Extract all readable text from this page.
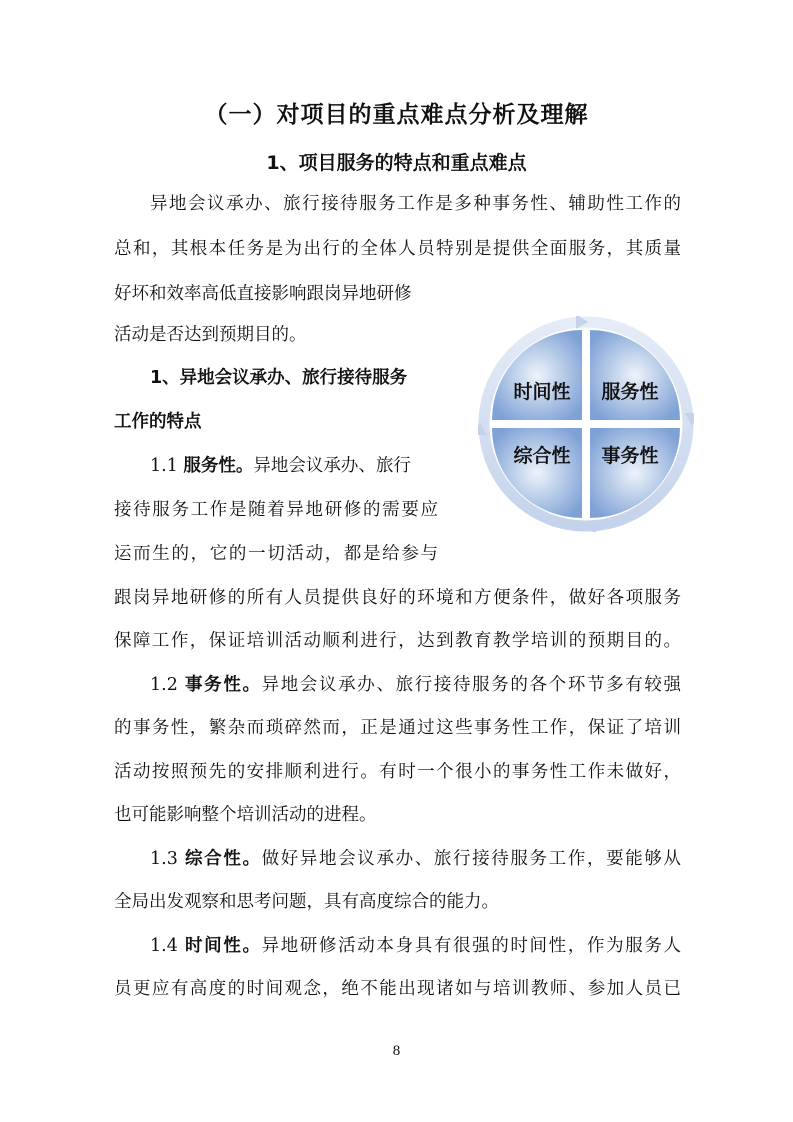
（一）对项目的重点难点分析及理解
1、项目服务的特点和重点难点
异地会议承办、旅行接待服务工作是多种事务性、辅助性工作的
总和，其根本任务是为出行的全体人员特别是提供全面服务，其质量
好坏和效率高低直接影响跟岗异地研修
活动是否达到预期目的。
1、异地会议承办、旅行接待服务
工作的特点
1.1 服务性。异地会议承办、旅行
接待服务工作是随着异地研修的需要应
运而生的，它的一切活动，都是给参与
跟岗异地研修的所有人员提供良好的环境和方便条件，做好各项服务
保障工作，保证培训活动顺利进行，达到教育教学培训的预期目的。
1.2 事务性。异地会议承办、旅行接待服务的各个环节多有较强
的事务性，繁杂而琐碎然而，正是通过这些事务性工作，保证了培训
活动按照预先的安排顺利进行。有时一个很小的事务性工作未做好，
也可能影响整个培训活动的进程。
1.3 综合性。做好异地会议承办、旅行接待服务工作，要能够从
全局出发观察和思考问题，具有高度综合的能力。
1.4 时间性。异地研修活动本身具有很强的时间性，作为服务人
员更应有高度的时间观念，绝不能出现诸如与培训教师、参加人员已
时间性 服务性
综合性 事务性
8
